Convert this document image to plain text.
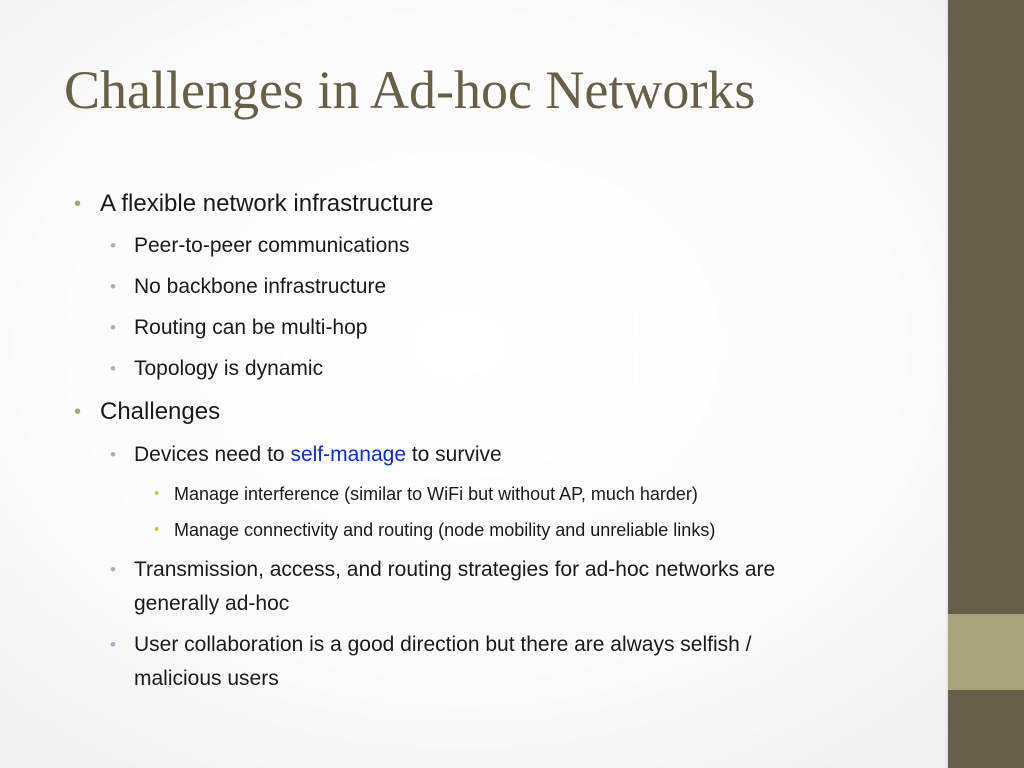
Challenges in Ad-hoc Networks
• A flexible network infrastructure
• Peer-to-peer communications
• No backbone infrastructure
• Routing can be multi-hop
• Topology is dynamic
• Challenges
• Devices need to self-manage to survive
• Manage interference (similar to WiFi but without AP, much harder)
• Manage connectivity and routing (node mobility and unreliable links)
• Transmission, access, and routing strategies for ad-hoc networks are
generally ad-hoc
• User collaboration is a good direction but there are always selfish /
malicious users
